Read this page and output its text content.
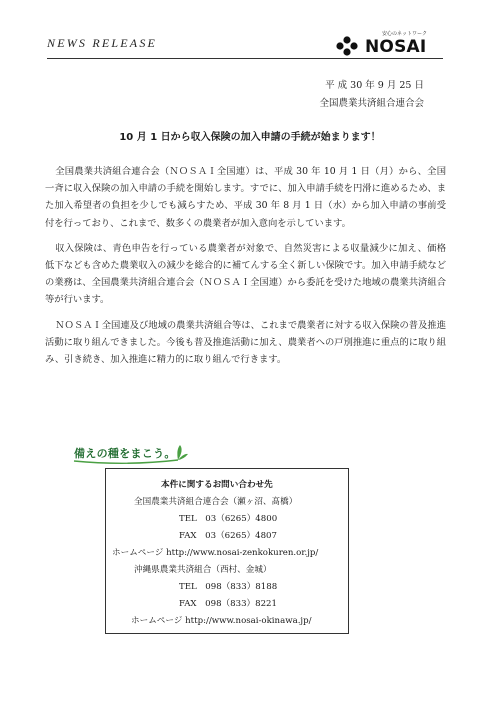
NEWS RELEASE
安心のネットワーク
NOSAI
平 成 30 年 9 月 25 日
全国農業共済組合連合会
10 月 1 日から収入保険の加入申請の手続が始まります！

全国農業共済組合連合会（ＮＯＳＡＩ全国連）は、平成 30 年 10 月 1 日（月）から、全国一斉に収入保険の加入申請の手続を開始します。すでに、加入申請手続を円滑に進めるため、また加入希望者の負担を少しでも減らすため、平成 30 年 8 月 1 日（水）から加入申請の事前受付を行っており、これまで、数多くの農業者が加入意向を示しています。

収入保険は、青色申告を行っている農業者が対象で、自然災害による収量減少に加え、価格低下なども含めた農業収入の減少を総合的に補てんする全く新しい保険です。加入申請手続などの業務は、全国農業共済組合連合会（ＮＯＳＡＩ全国連）から委託を受けた地域の農業共済組合等が行います。

ＮＯＳＡＩ全国連及び地域の農業共済組合等は、これまで農業者に対する収入保険の普及推進活動に取り組んできました。今後も普及推進活動に加え、農業者への戸別推進に重点的に取り組み、引き続き、加入推進に精力的に取り組んで行きます。

備えの種をまこう。
本件に関するお問い合わせ先
全国農業共済組合連合会（瀬ヶ沼、髙橋）
TEL　03（6265）4800
FAX　03（6265）4807
ホームページ http://www.nosai-zenkokuren.or.jp/
沖縄県農業共済組合（西村、金城）
TEL　098（833）8188
FAX　098（833）8221
ホームページ http://www.nosai-okinawa.jp/
